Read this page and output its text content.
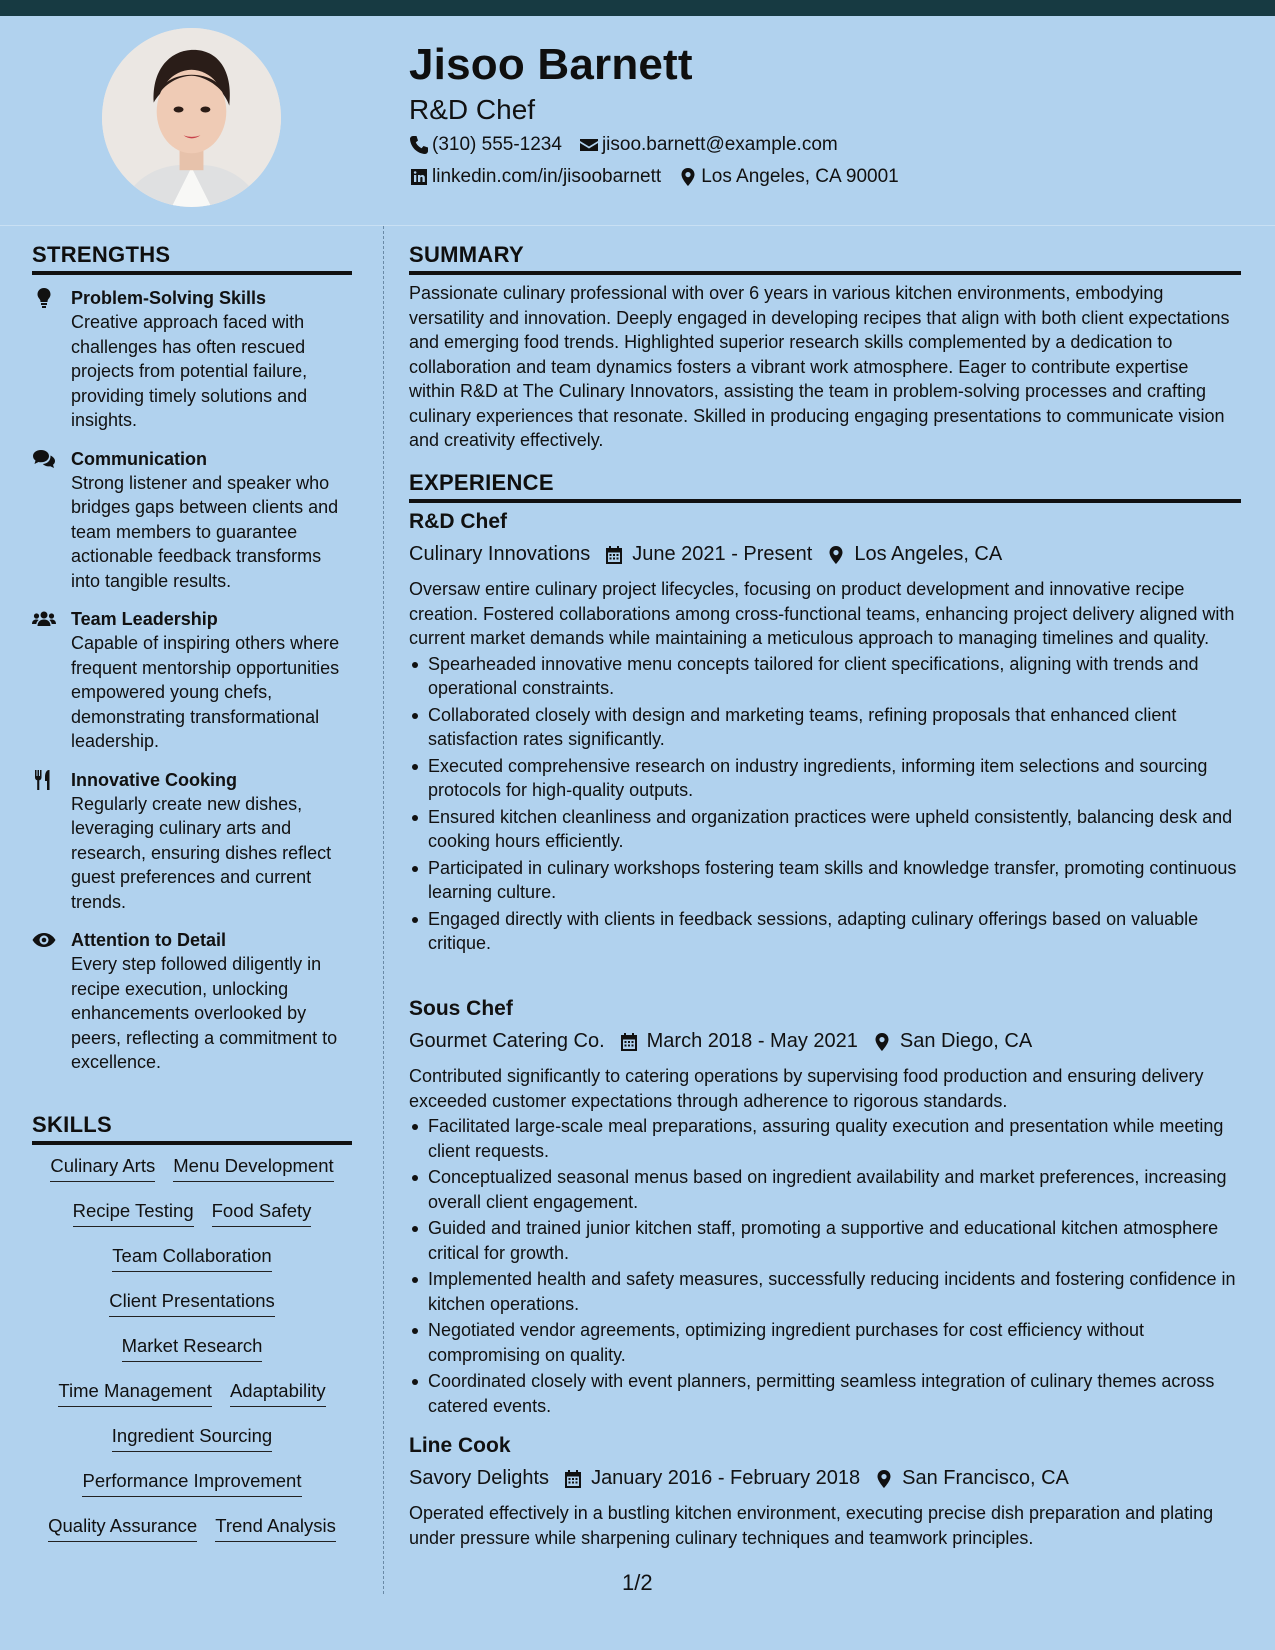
Jisoo Barnett
R&D Chef
(310) 555-1234 jisoo.barnett@example.com
linkedin.com/in/jisoobarnett Los Angeles, CA 90001
STRENGTHS
Problem-Solving Skills
Creative approach faced with challenges has often rescued projects from potential failure, providing timely solutions and insights.
Communication
Strong listener and speaker who bridges gaps between clients and team members to guarantee actionable feedback transforms into tangible results.
Team Leadership
Capable of inspiring others where frequent mentorship opportunities empowered young chefs, demonstrating transformational leadership.
Innovative Cooking
Regularly create new dishes, leveraging culinary arts and research, ensuring dishes reflect guest preferences and current trends.
Attention to Detail
Every step followed diligently in recipe execution, unlocking enhancements overlooked by peers, reflecting a commitment to excellence.
SKILLS
Culinary Arts Menu Development
Recipe Testing Food Safety
Team Collaboration
Client Presentations
Market Research
Time Management Adaptability
Ingredient Sourcing
Performance Improvement
Quality Assurance Trend Analysis
SUMMARY
Passionate culinary professional with over 6 years in various kitchen environments, embodying versatility and innovation. Deeply engaged in developing recipes that align with both client expectations and emerging food trends. Highlighted superior research skills complemented by a dedication to collaboration and team dynamics fosters a vibrant work atmosphere. Eager to contribute expertise within R&D at The Culinary Innovators, assisting the team in problem-solving processes and crafting culinary experiences that resonate. Skilled in producing engaging presentations to communicate vision and creativity effectively.
EXPERIENCE
R&D Chef
Culinary Innovations June 2021 - Present Los Angeles, CA
Oversaw entire culinary project lifecycles, focusing on product development and innovative recipe creation. Fostered collaborations among cross-functional teams, enhancing project delivery aligned with current market demands while maintaining a meticulous approach to managing timelines and quality.
Spearheaded innovative menu concepts tailored for client specifications, aligning with trends and operational constraints.
Collaborated closely with design and marketing teams, refining proposals that enhanced client satisfaction rates significantly.
Executed comprehensive research on industry ingredients, informing item selections and sourcing protocols for high-quality outputs.
Ensured kitchen cleanliness and organization practices were upheld consistently, balancing desk and cooking hours efficiently.
Participated in culinary workshops fostering team skills and knowledge transfer, promoting continuous learning culture.
Engaged directly with clients in feedback sessions, adapting culinary offerings based on valuable critique.
Sous Chef
Gourmet Catering Co. March 2018 - May 2021 San Diego, CA
Contributed significantly to catering operations by supervising food production and ensuring delivery exceeded customer expectations through adherence to rigorous standards.
Facilitated large-scale meal preparations, assuring quality execution and presentation while meeting client requests.
Conceptualized seasonal menus based on ingredient availability and market preferences, increasing overall client engagement.
Guided and trained junior kitchen staff, promoting a supportive and educational kitchen atmosphere critical for growth.
Implemented health and safety measures, successfully reducing incidents and fostering confidence in kitchen operations.
Negotiated vendor agreements, optimizing ingredient purchases for cost efficiency without compromising on quality.
Coordinated closely with event planners, permitting seamless integration of culinary themes across catered events.
Line Cook
Savory Delights January 2016 - February 2018 San Francisco, CA
Operated effectively in a bustling kitchen environment, executing precise dish preparation and plating under pressure while sharpening culinary techniques and teamwork principles.
1/2
